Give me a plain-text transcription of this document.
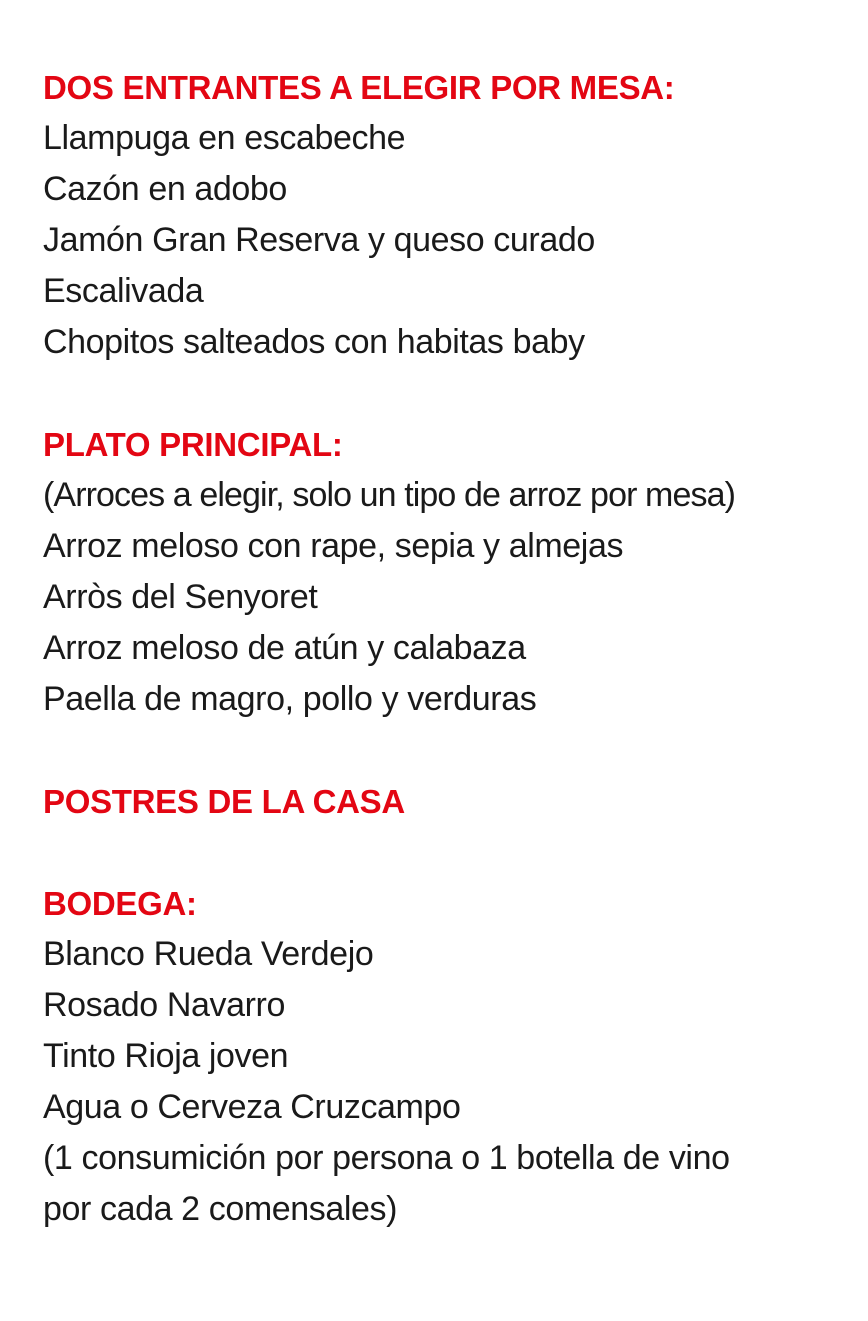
DOS ENTRANTES A ELEGIR POR MESA:
Llampuga en escabeche
Cazón en adobo
Jamón Gran Reserva y queso curado
Escalivada
Chopitos salteados con habitas baby
PLATO PRINCIPAL:
(Arroces a elegir, solo un tipo de arroz por mesa)
Arroz meloso con rape, sepia y almejas
Arròs del Senyoret
Arroz meloso de atún y calabaza
Paella de magro, pollo y verduras
POSTRES DE LA CASA
BODEGA:
Blanco Rueda Verdejo
Rosado Navarro
Tinto Rioja joven
Agua o Cerveza Cruzcampo
(1 consumición por persona o 1 botella de vino
por cada 2 comensales)
